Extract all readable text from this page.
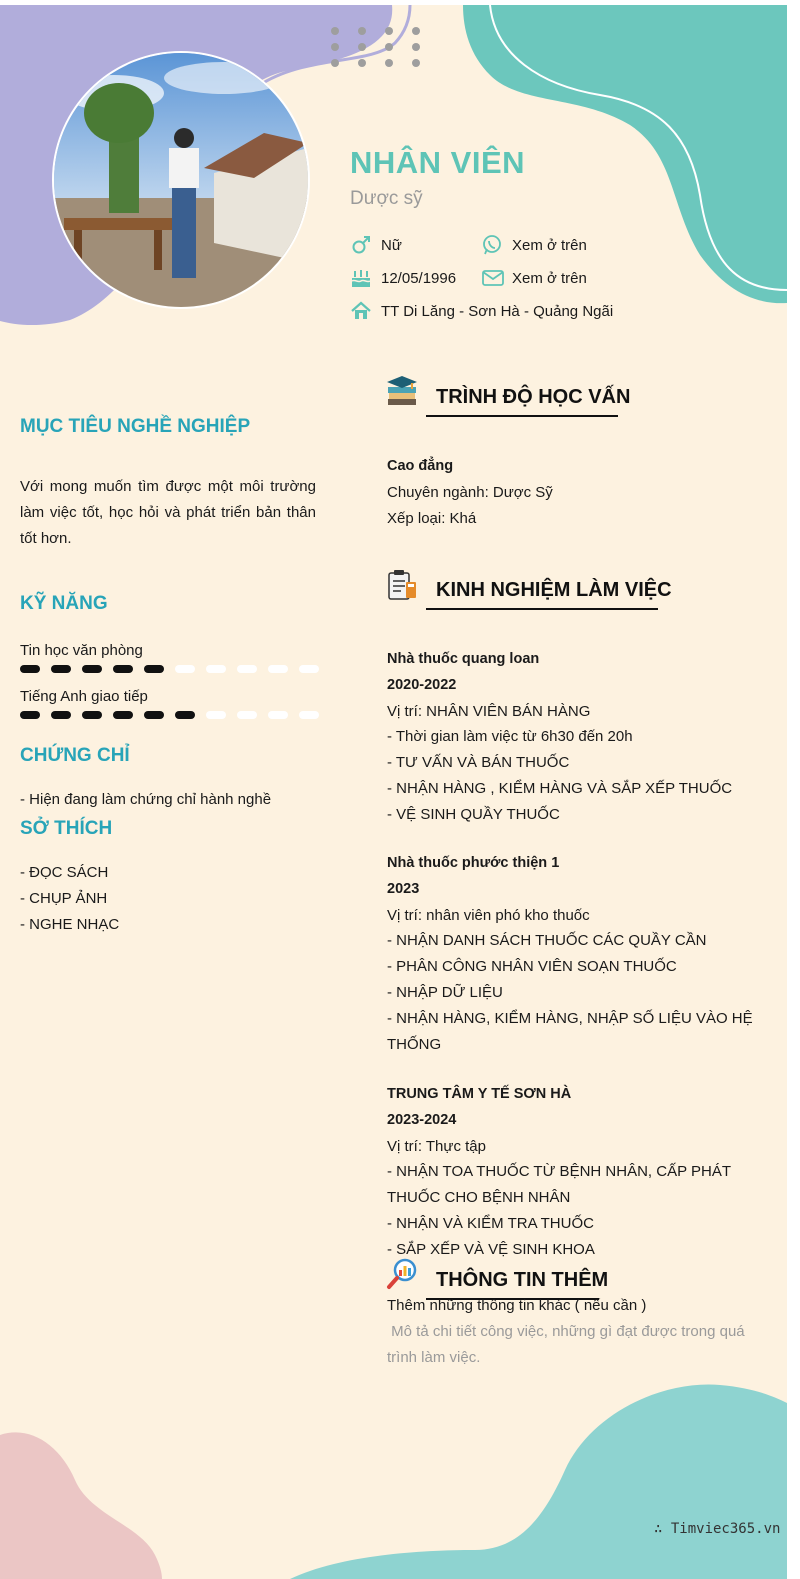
NHÂN VIÊN
Dược sỹ
Nữ	Xem ở trên
12/05/1996	Xem ở trên
TT Di Lăng - Sơn Hà - Quảng Ngãi
MỤC TIÊU NGHỀ NGHIỆP
Với mong muốn tìm được một môi trường làm việc tốt, học hỏi và phát triển bản thân tốt hơn.
KỸ NĂNG
Tin học văn phòng
Tiếng Anh giao tiếp
CHỨNG CHỈ
- Hiện đang làm chứng chỉ hành nghề
SỞ THÍCH
- ĐỌC SÁCH
- CHỤP ẢNH
- NGHE NHẠC
TRÌNH ĐỘ HỌC VẤN
Cao đẳng
Chuyên ngành: Dược Sỹ
Xếp loại: Khá
KINH NGHIỆM LÀM VIỆC
Nhà thuốc quang loan
2020-2022
Vị trí: NHÂN VIÊN BÁN HÀNG
- Thời gian làm việc từ 6h30 đến 20h
- TƯ VẤN VÀ BÁN THUỐC
- NHẬN HÀNG , KIỂM HÀNG VÀ SẮP XẾP THUỐC
- VỆ SINH QUẦY THUỐC
Nhà thuốc phước thiện 1
2023
Vị trí: nhân viên phó kho thuốc
- NHẬN DANH SÁCH THUỐC CÁC QUẦY CẦN
- PHÂN CÔNG NHÂN VIÊN SOẠN THUỐC
- NHẬP DỮ LIỆU
- NHẬN HÀNG, KIỂM HÀNG, NHẬP SỐ LIỆU VÀO HỆ THỐNG
TRUNG TÂM Y TẾ SƠN HÀ
2023-2024
Vị trí: Thực tập
- NHẬN TOA THUỐC TỪ BỆNH NHÂN, CẤP PHÁT THUỐC CHO BỆNH NHÂN
- NHẬN VÀ KIỂM TRA THUỐC
- SẮP XẾP VÀ VỆ SINH KHOA
THÔNG TIN THÊM
Thêm những thông tin khác ( nếu cần )
Mô tả chi tiết công việc, những gì đạt được trong quá trình làm việc.
∴ Timviec365.vn
